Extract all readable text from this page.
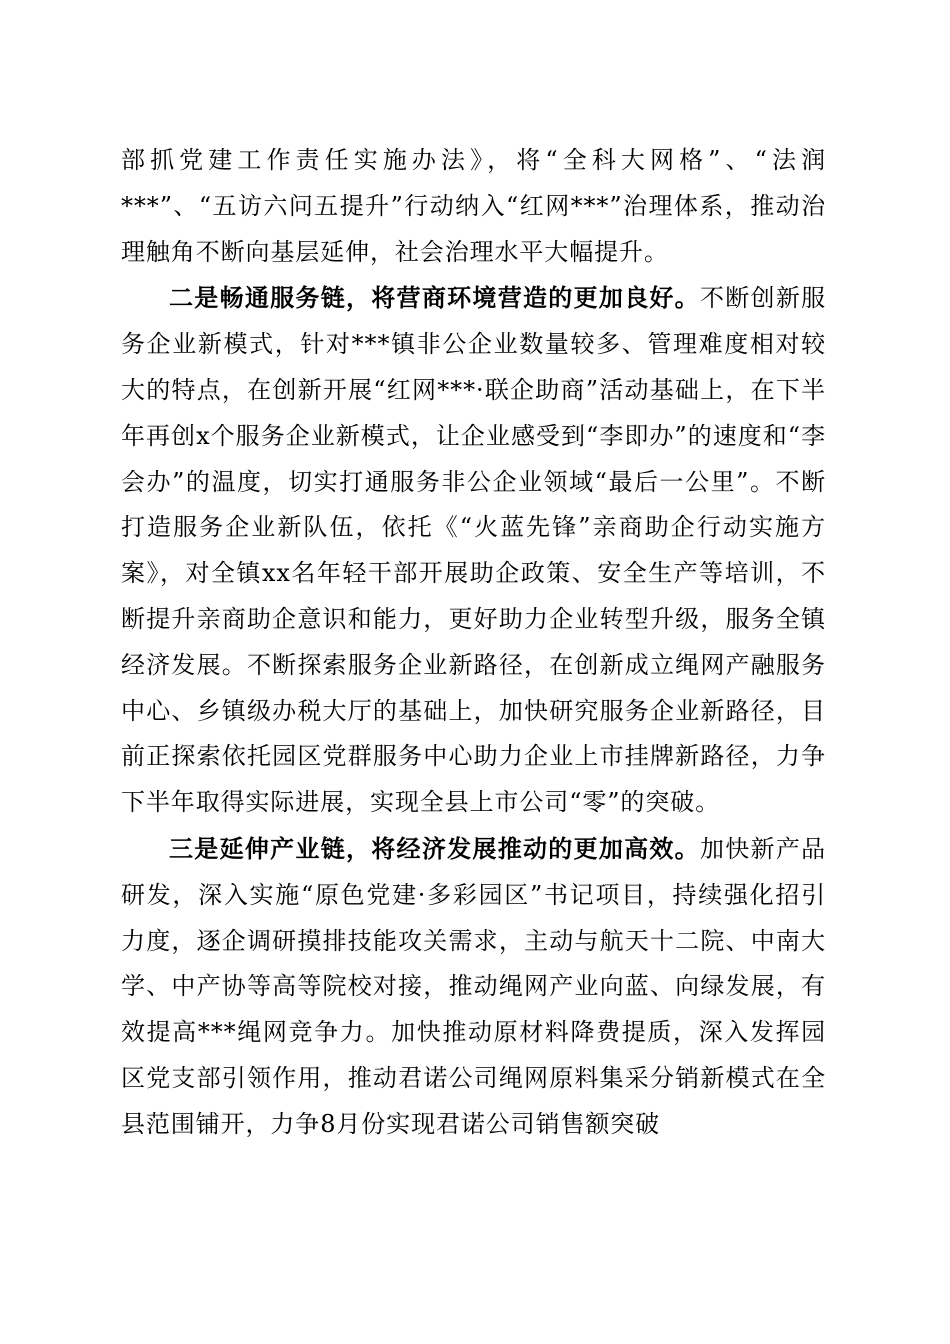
部抓党建工作责任实施办法》，将“全科大网格”、“法润***”、“五访六问五提升”行动纳入“红网***”治理体系，推动治理触角不断向基层延伸，社会治理水平大幅提升。

二是畅通服务链，将营商环境营造的更加良好。不断创新服务企业新模式，针对***镇非公企业数量较多、管理难度相对较大的特点，在创新开展“红网***·联企助商”活动基础上，在下半年再创x个服务企业新模式，让企业感受到“李即办”的速度和“李会办”的温度，切实打通服务非公企业领域“最后一公里”。不断打造服务企业新队伍，依托《“火蓝先锋”亲商助企行动实施方案》，对全镇xx名年轻干部开展助企政策、安全生产等培训，不断提升亲商助企意识和能力，更好助力企业转型升级，服务全镇经济发展。不断探索服务企业新路径，在创新成立绳网产融服务中心、乡镇级办税大厅的基础上，加快研究服务企业新路径，目前正探索依托园区党群服务中心助力企业上市挂牌新路径，力争下半年取得实际进展，实现全县上市公司“零”的突破。

三是延伸产业链，将经济发展推动的更加高效。加快新产品研发，深入实施“原色党建·多彩园区”书记项目，持续强化招引力度，逐企调研摸排技能攻关需求，主动与航天十二院、中南大学、中产协等高等院校对接，推动绳网产业向蓝、向绿发展，有效提高***绳网竞争力。加快推动原材料降费提质，深入发挥园区党支部引领作用，推动君诺公司绳网原料集采分销新模式在全县范围铺开，力争8月份实现君诺公司销售额突破
